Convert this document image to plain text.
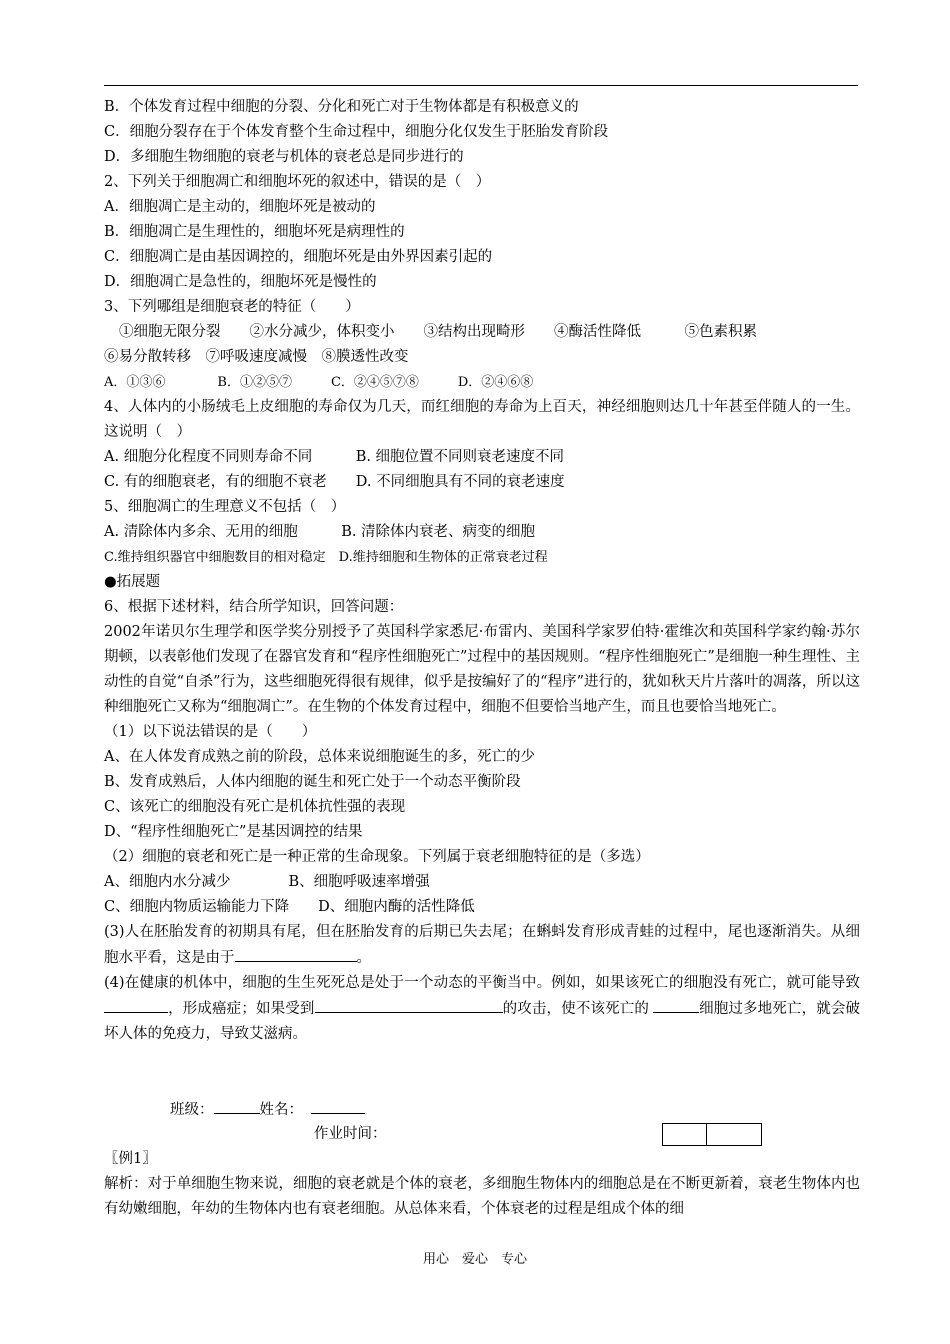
B．个体发育过程中细胞的分裂、分化和死亡对于生物体都是有积极意义的
C．细胞分裂存在于个体发育整个生命过程中，细胞分化仅发生于胚胎发育阶段
D．多细胞生物细胞的衰老与机体的衰老总是同步进行的
2、下列关于细胞凋亡和细胞坏死的叙述中，错误的是（　）
A．细胞凋亡是主动的，细胞坏死是被动的
B．细胞凋亡是生理性的，细胞坏死是病理性的
C．细胞凋亡是由基因调控的，细胞坏死是由外界因素引起的
D．细胞凋亡是急性的，细胞坏死是慢性的
3、下列哪组是细胞衰老的特征（　　）
①细胞无限分裂　　②水分减少，体积变小　　③结构出现畸形　　④酶活性降低　　　⑤色素积累
⑥易分散转移　⑦呼吸速度减慢　⑧膜透性改变
A．①③⑥　　　　B．①②⑤⑦　　　C．②④⑤⑦⑧　　　D．②④⑥⑧
4、人体内的小肠绒毛上皮细胞的寿命仅为几天，而红细胞的寿命为上百天，神经细胞则达几十年甚至伴随人的一生。这说明（　）
A. 细胞分化程度不同则寿命不同　　　B. 细胞位置不同则衰老速度不同
C. 有的细胞衰老，有的细胞不衰老　　D. 不同细胞具有不同的衰老速度
5、细胞凋亡的生理意义不包括（　）
A. 清除体内多余、无用的细胞　　　B. 清除体内衰老、病变的细胞
C.维持组织器官中细胞数目的相对稳定　D.维持细胞和生物体的正常衰老过程
●拓展题
6、根据下述材料，结合所学知识，回答问题：
2002年诺贝尔生理学和医学奖分别授予了英国科学家悉尼·布雷内、美国科学家罗伯特·霍维次和英国科学家约翰·苏尔期顿，以表彰他们发现了在器官发育和“程序性细胞死亡”过程中的基因规则。“程序性细胞死亡”是细胞一种生理性、主动性的自觉“自杀”行为，这些细胞死得很有规律，似乎是按编好了的“程序”进行的，犹如秋天片片落叶的凋落，所以这种细胞死亡又称为“细胞凋亡”。在生物的个体发育过程中，细胞不但要恰当地产生，而且也要恰当地死亡。
（1）以下说法错误的是（　　）
A、在人体发育成熟之前的阶段，总体来说细胞诞生的多，死亡的少
B、发育成熟后，人体内细胞的诞生和死亡处于一个动态平衡阶段
C、该死亡的细胞没有死亡是机体抗性强的表现
D、“程序性细胞死亡”是基因调控的结果
（2）细胞的衰老和死亡是一种正常的生命现象。下列属于衰老细胞特征的是（多选）
A、细胞内水分减少　　　　B、细胞呼吸速率增强
C、细胞内物质运输能力下降　　D、细胞内酶的活性降低
(3)人在胚胎发育的初期具有尾，但在胚胎发育的后期已失去尾；在蝌蚪发育形成青蛙的过程中，尾也逐渐消失。从细胞水平看，这是由于	。
(4)在健康的机体中，细胞的生生死死总是处于一个动态的平衡当中。例如，如果该死亡的细胞没有死亡，就可能导致，形成癌症；如果受到	的攻击，使不该死亡的	细胞过多地死亡，就会破坏人体的免疫力，导致艾滋病。
班级：	姓名：
作业时间：
〖例1〗
解析：对于单细胞生物来说，细胞的衰老就是个体的衰老，多细胞生物体内的细胞总是在不断更新着，衰老生物体内也有幼嫩细胞，年幼的生物体内也有衰老细胞。从总体来看，个体衰老的过程是组成个体的细
用心　爱心　专心
